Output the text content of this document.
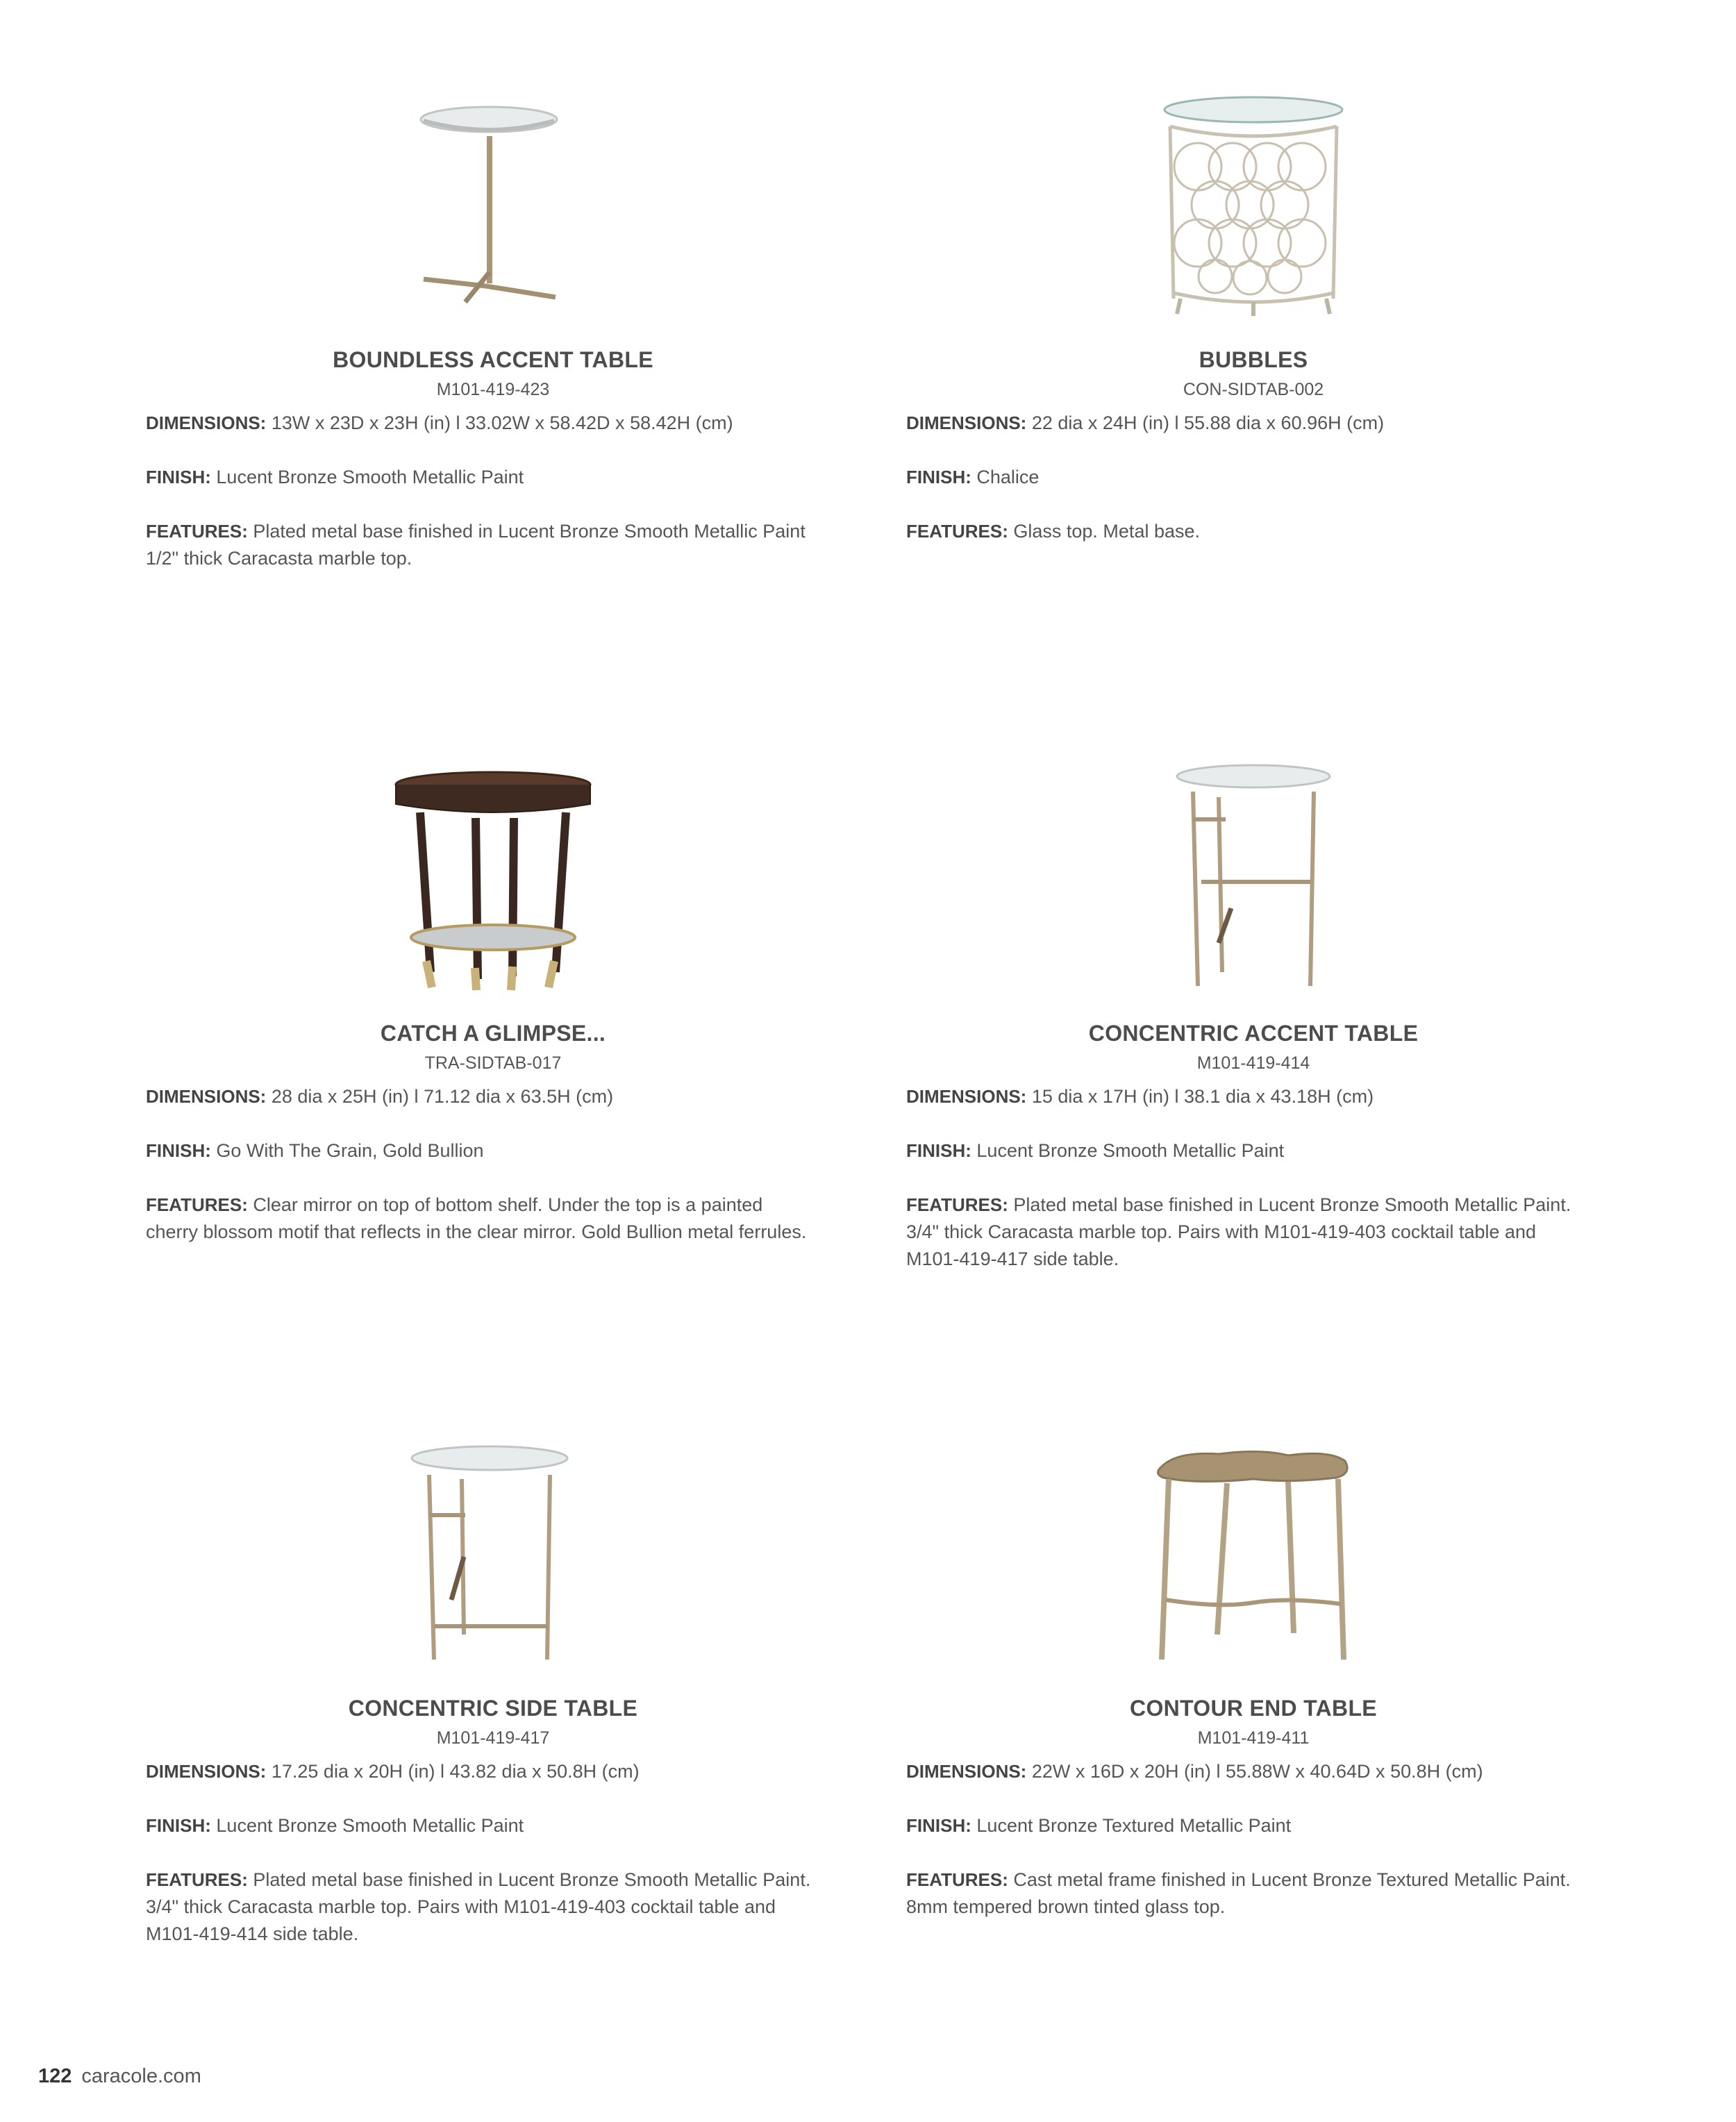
BOUNDLESS ACCENT TABLE
M101-419-423
DIMENSIONS: 13W x 23D x 23H (in) l 33.02W x 58.42D x 58.42H (cm)
FINISH: Lucent Bronze Smooth Metallic Paint
FEATURES: Plated metal base finished in Lucent Bronze Smooth Metallic Paint 1/2" thick Caracasta marble top.
BUBBLES
CON-SIDTAB-002
DIMENSIONS: 22 dia x 24H (in) l 55.88 dia x 60.96H (cm)
FINISH: Chalice
FEATURES: Glass top. Metal base.
CATCH A GLIMPSE...
TRA-SIDTAB-017
DIMENSIONS: 28 dia x 25H (in) l 71.12 dia x 63.5H (cm)
FINISH: Go With The Grain, Gold Bullion
FEATURES: Clear mirror on top of bottom shelf. Under the top is a painted cherry blossom motif that reflects in the clear mirror. Gold Bullion metal ferrules.
CONCENTRIC ACCENT TABLE
M101-419-414
DIMENSIONS: 15 dia x 17H (in) l 38.1 dia x 43.18H (cm)
FINISH: Lucent Bronze Smooth Metallic Paint
FEATURES: Plated metal base finished in Lucent Bronze Smooth Metallic Paint. 3/4" thick Caracasta marble top. Pairs with M101-419-403 cocktail table and M101-419-417 side table.
CONCENTRIC SIDE TABLE
M101-419-417
DIMENSIONS: 17.25 dia x 20H (in) l 43.82 dia x 50.8H (cm)
FINISH: Lucent Bronze Smooth Metallic Paint
FEATURES: Plated metal base finished in Lucent Bronze Smooth Metallic Paint. 3/4" thick Caracasta marble top. Pairs with M101-419-403 cocktail table and M101-419-414 side table.
CONTOUR END TABLE
M101-419-411
DIMENSIONS: 22W x 16D x 20H (in) l 55.88W x 40.64D x 50.8H (cm)
FINISH: Lucent Bronze Textured Metallic Paint
FEATURES: Cast metal frame finished in Lucent Bronze Textured Metallic Paint. 8mm tempered brown tinted glass top.
122 caracole.com
